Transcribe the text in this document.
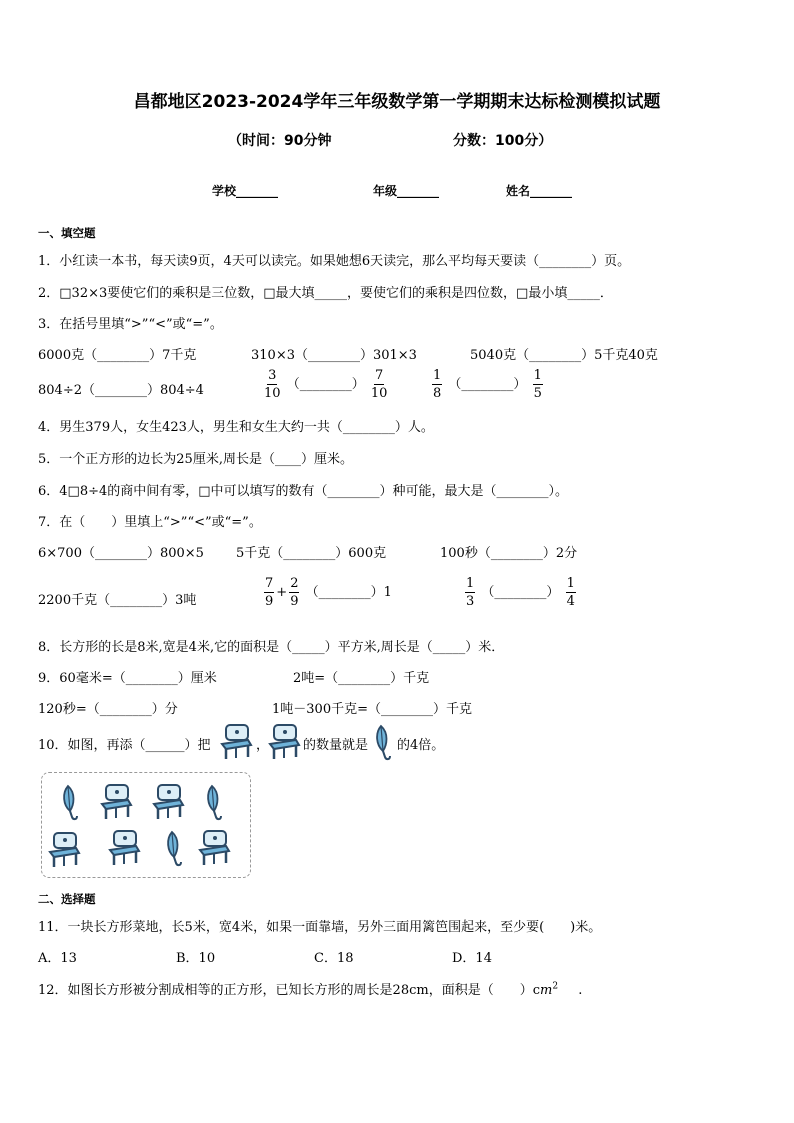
昌都地区2023-2024学年三年级数学第一学期期末达标检测模拟试题
（时间：90分钟	分数：100分）
学校_______	年级_______	姓名_______
一、填空题
1．小红读一本书，每天读9页，4天可以读完。如果她想6天读完，那么平均每天要读（________）页。
2．□32×3要使它们的乘积是三位数，□最大填_____，要使它们的乘积是四位数，□最小填_____．
3．在括号里填“>”“<”或“=”。
6000克（________）7千克	310×3（________）301×3	5040克（________）5千克40克
804÷2（________）804÷4	$\frac{3}{10}$ （________） $\frac{7}{10}$	$\frac{1}{8}$ （________） $\frac{1}{5}$
4．男生379人，女生423人，男生和女生大约一共（________）人。
5．一个正方形的边长为25厘米,周长是（____）厘米。
6．4□8÷4的商中间有零，□中可以填写的数有（________）种可能，最大是（________）。
7．在（　　）里填上“>”“<”或“=”。
6×700（________）800×5 5千克（________）600克	100秒（________）2分
2200千克（________）3吨	$\frac{7}{9} + \frac{2}{9}$ （________）1	$\frac{1}{3}$ （________） $\frac{1}{4}$
8．长方形的长是8米,宽是4米,它的面积是（_____）平方米,周长是（_____）米．
9．60毫米=（________）厘米	2吨=（________）千克
120秒=（________）分	1吨－300千克=（________）千克
10．如图，再添（______）把	，	的数量就是 的4倍。
二、选择题
11．一块长方形菜地，长5米，宽4米，如果一面靠墙，另外三面用篱笆围起来，至少要(　　)米。
A．13	B．10	C．18	D．14
12．如图长方形被分割成相等的正方形，已知长方形的周长是28cm，面积是（　　）$cm^2$ .
